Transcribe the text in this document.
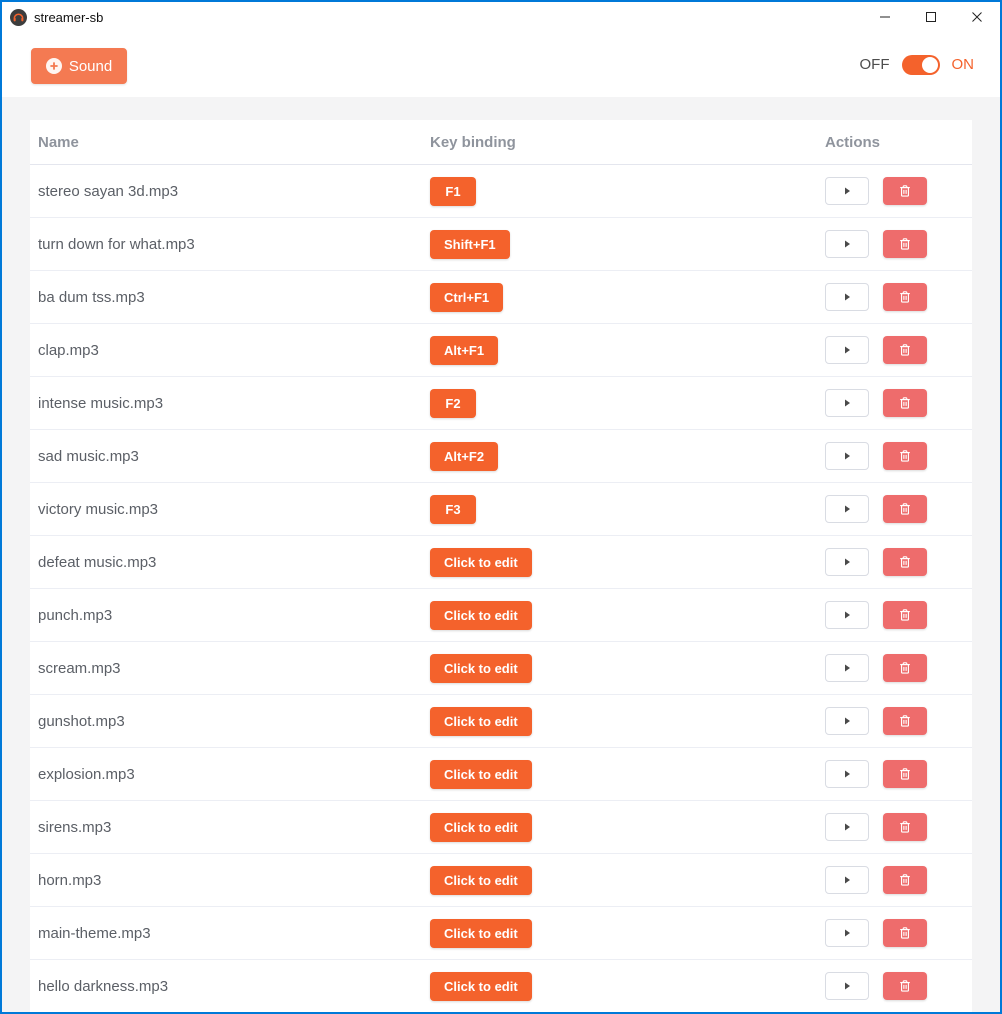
streamer-sb
Sound	OFF	ON
Name	Key binding	Actions
stereo sayan 3d.mp3	F1
turn down for what.mp3	Shift+F1
ba dum tss.mp3	Ctrl+F1
clap.mp3	Alt+F1
intense music.mp3	F2
sad music.mp3	Alt+F2
victory music.mp3	F3
defeat music.mp3	Click to edit
punch.mp3	Click to edit
scream.mp3	Click to edit
gunshot.mp3	Click to edit
explosion.mp3	Click to edit
sirens.mp3	Click to edit
horn.mp3	Click to edit
main-theme.mp3	Click to edit
hello darkness.mp3	Click to edit
